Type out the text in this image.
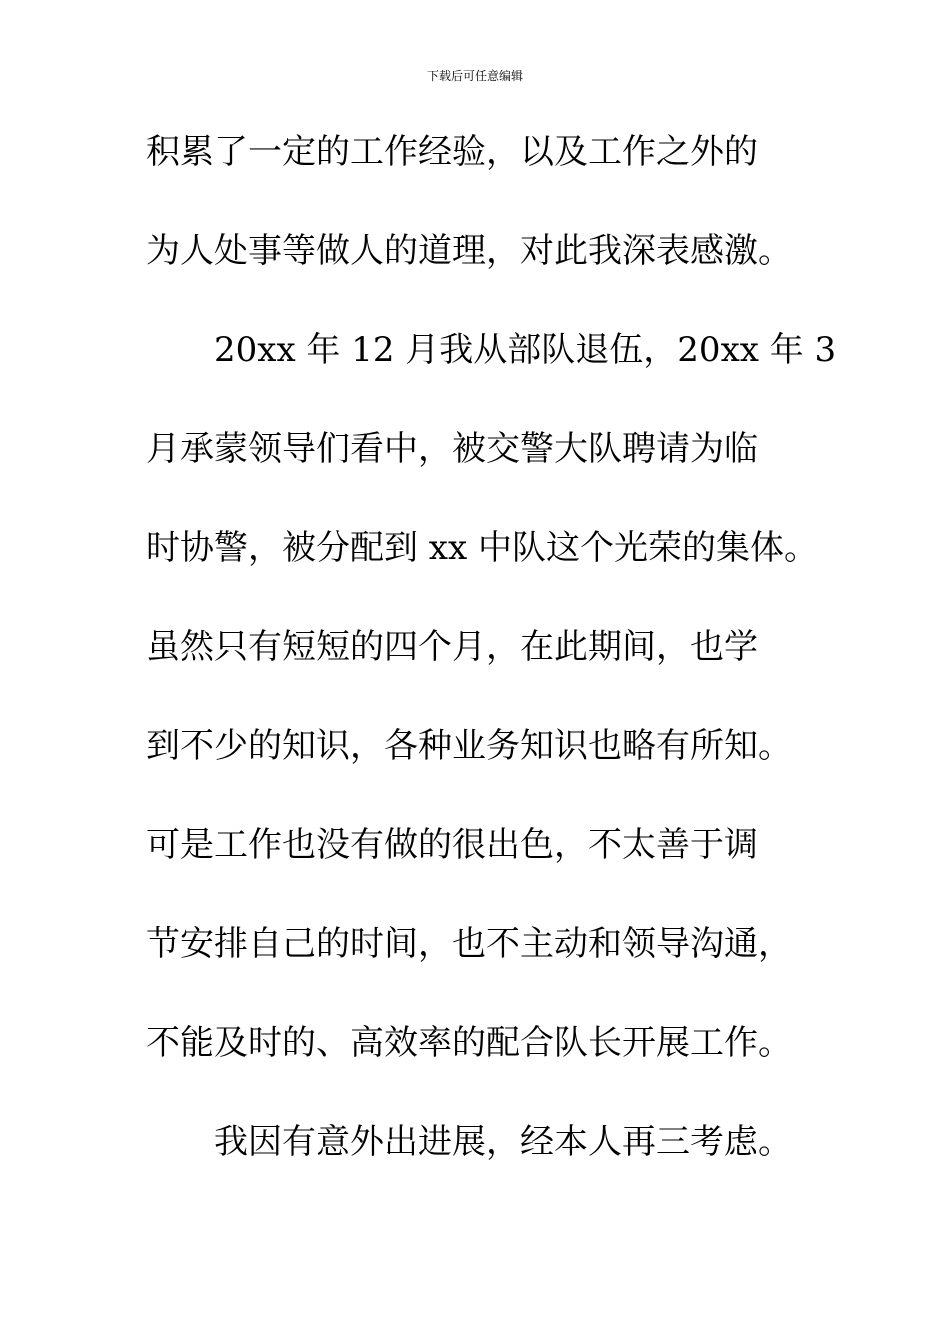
下载后可任意编辑
积累了一定的工作经验，以及工作之外的
为人处事等做人的道理，对此我深表感激。
20xx 年 12 月我从部队退伍，20xx 年 3
月承蒙领导们看中，被交警大队聘请为临
时协警，被分配到 xx 中队这个光荣的集体。
虽然只有短短的四个月，在此期间，也学
到不少的知识，各种业务知识也略有所知。
可是工作也没有做的很出色，不太善于调
节安排自己的时间，也不主动和领导沟通，
不能及时的、高效率的配合队长开展工作。
我因有意外出进展，经本人再三考虑。
